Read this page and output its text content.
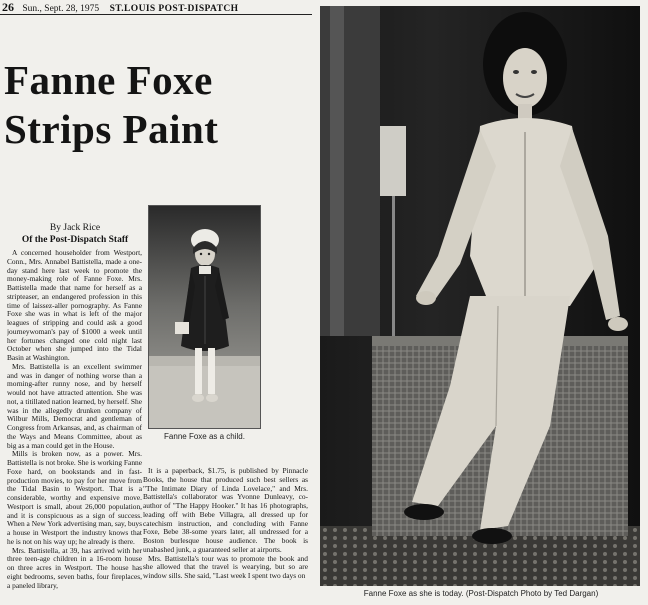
26 Sun., Sept. 28, 1975 ST.LOUIS POST-DISPATCH
Fanne Foxe
Strips Paint
By Jack Rice
Of the Post-Dispatch Staff

A concerned householder from Westport, Conn., Mrs. Annabel Battistella, made a one-day stand here last week to promote the money-making role of Fanne Foxe. Mrs. Battistella made that name for herself as a stripteaser, an endangered profession in this time of laissez-aller pornography. As Fanne Foxe she was in what is left of the major leagues of stripping and could ask a good journeywoman's pay of $1000 a week until her fortunes changed one cold night last October when she jumped into the Tidal Basin at Washington.

Mrs. Battistella is an excellent swimmer and was in danger of nothing worse than a morning-after runny nose, and by herself would not have attracted attention. She was not, a titillated nation learned, by herself. She was in the allegedly drunken company of Wilbur Mills, Democrat and gentleman of Congress from Arkansas, and, as chairman of the Ways and Means Committee, about as big as a man could get in the House.

Mills is broken now, as a power. Mrs. Battistella is not broke. She is working Fanne Foxe hard, on bookstands and in fast-production movies, to pay for her move from the Tidal Basin to Westport. That is a considerable, worthy and expensive move. Westport is small, about 26,000 population, and it is conspicuous as a sign of success. When a New York advertising man, say, buys a house in Westport the industry knows that he is not on his way up; he already is there.

Mrs. Battistella, at 39, has arrived with her three teen-age children in a 16-room house on three acres in Westport. The house has eight bedrooms, seven baths, four fireplaces, a paneled library,

Fanne Foxe as a child.

It is a paperback, $1.75, is published by Pinnacle Books, the house that produced such best sellers as "The Intimate Diary of Linda Lovelace," and Mrs. Battistella's collaborator was Yvonne Dunleavy, co-author of "The Happy Hooker." It has 16 photographs, leading off with Bebe Villagra, all dressed up for catechism instruction, and concluding with Fanne Foxe, Bebe 38-some years later, all undressed for a Boston burlesque house audience. The book is unabashed junk, a guaranteed seller at airports.

Mrs. Battistella's tour was to promote the book and she allowed that the travel is wearying, but so are window sills. She said, "Last week I spent two days on

Fanne Foxe as she is today. (Post-Dispatch Photo by Ted Dargan)
